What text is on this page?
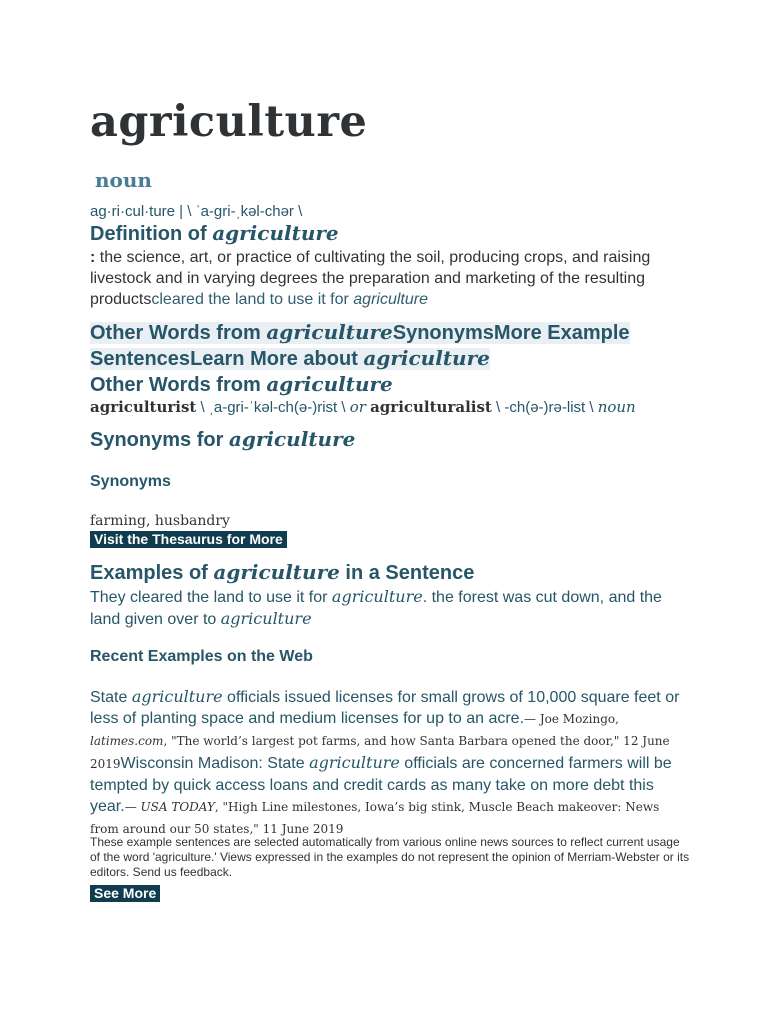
agriculture
noun
ag·ri·cul·ture | \ ˈa-gri-ˌkəl-chər \
Definition of agriculture
: the science, art, or practice of cultivating the soil, producing crops, and raising livestock and in varying degrees the preparation and marketing of the resulting productscleared the land to use it for agriculture
Other Words from agricultureSynonymsMore Example SentencesLearn More about agriculture
Other Words from agriculture
agriculturist \ ˌa-gri-ˈkəl-ch(ə-)rist \ or agriculturalist \ -ch(ə-)rə-list \ noun
Synonyms for agriculture
Synonyms
farming, husbandry
Visit the Thesaurus for More
Examples of agriculture in a Sentence
They cleared the land to use it for agriculture. the forest was cut down, and the land given over to agriculture
Recent Examples on the Web
State agriculture officials issued licenses for small grows of 10,000 square feet or less of planting space and medium licenses for up to an acre.— Joe Mozingo, latimes.com, "The world’s largest pot farms, and how Santa Barbara opened the door," 12 June 2019Wisconsin Madison: State agriculture officials are concerned farmers will be tempted by quick access loans and credit cards as many take on more debt this year.— USA TODAY, "High Line milestones, Iowa’s big stink, Muscle Beach makeover: News from around our 50 states," 11 June 2019
These example sentences are selected automatically from various online news sources to reflect current usage of the word 'agriculture.' Views expressed in the examples do not represent the opinion of Merriam-Webster or its editors. Send us feedback.
See More
